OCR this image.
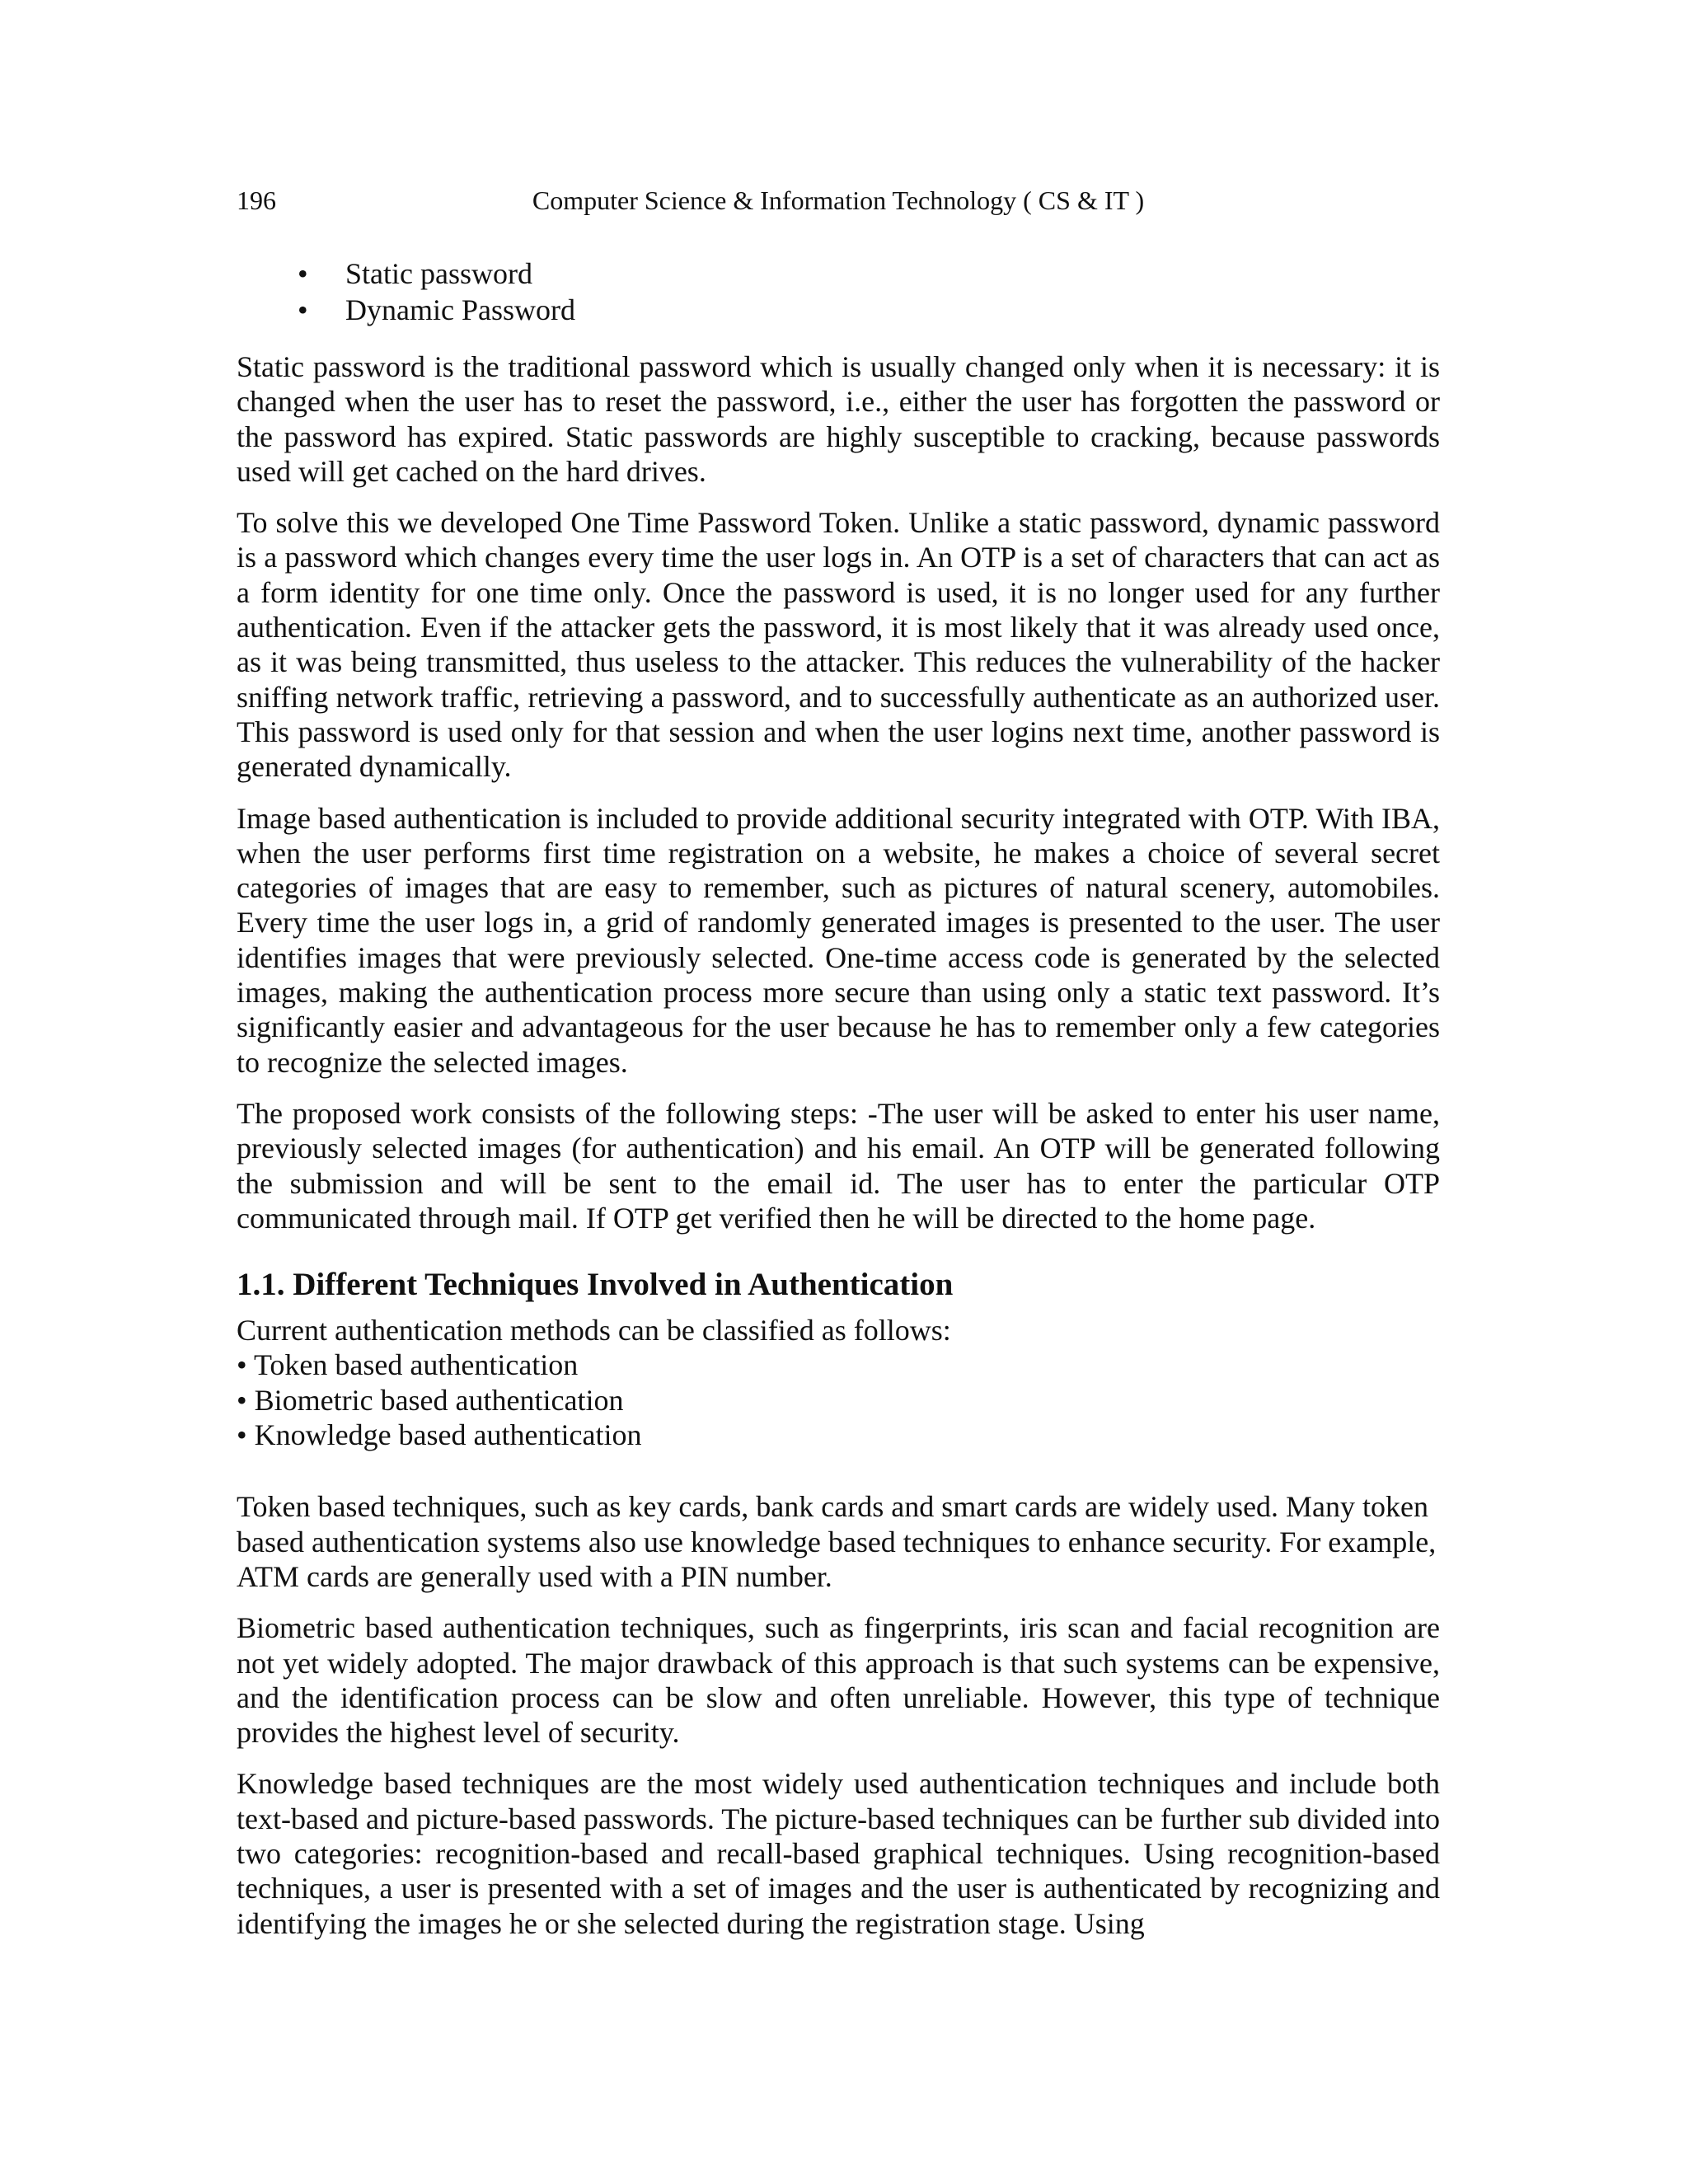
196	Computer Science & Information Technology ( CS & IT )
• Static password
• Dynamic Password

Static password is the traditional password which is usually changed only when it is necessary: it is changed when the user has to reset the password, i.e., either the user has forgotten the password or the password has expired. Static passwords are highly susceptible to cracking, because passwords used will get cached on the hard drives.

To solve this we developed One Time Password Token. Unlike a static password, dynamic password is a password which changes every time the user logs in. An OTP is a set of characters that can act as a form identity for one time only. Once the password is used, it is no longer used for any further authentication. Even if the attacker gets the password, it is most likely that it was already used once, as it was being transmitted, thus useless to the attacker. This reduces the vulnerability of the hacker sniffing network traffic, retrieving a password, and to successfully authenticate as an authorized user. This password is used only for that session and when the user logins next time, another password is generated dynamically.

Image based authentication is included to provide additional security integrated with OTP. With IBA, when the user performs first time registration on a website, he makes a choice of several secret categories of images that are easy to remember, such as pictures of natural scenery, automobiles. Every time the user logs in, a grid of randomly generated images is presented to the user. The user identifies images that were previously selected. One-time access code is generated by the selected images, making the authentication process more secure than using only a static text password. It’s significantly easier and advantageous for the user because he has to remember only a few categories to recognize the selected images.

The proposed work consists of the following steps: -The user will be asked to enter his user name, previously selected images (for authentication) and his email. An OTP will be generated following the submission and will be sent to the email id. The user has to enter the particular OTP communicated through mail. If OTP get verified then he will be directed to the home page.

1.1. Different Techniques Involved in Authentication

Current authentication methods can be classified as follows:

• Token based authentication
• Biometric based authentication
• Knowledge based authentication

Token based techniques, such as key cards, bank cards and smart cards are widely used. Many token based authentication systems also use knowledge based techniques to enhance security. For example, ATM cards are generally used with a PIN number.

Biometric based authentication techniques, such as fingerprints, iris scan and facial recognition are not yet widely adopted. The major drawback of this approach is that such systems can be expensive, and the identification process can be slow and often unreliable. However, this type of technique provides the highest level of security.

Knowledge based techniques are the most widely used authentication techniques and include both text-based and picture-based passwords. The picture-based techniques can be further sub divided into two categories: recognition-based and recall-based graphical techniques. Using recognition-based techniques, a user is presented with a set of images and the user is authenticated by recognizing and identifying the images he or she selected during the registration stage. Using
